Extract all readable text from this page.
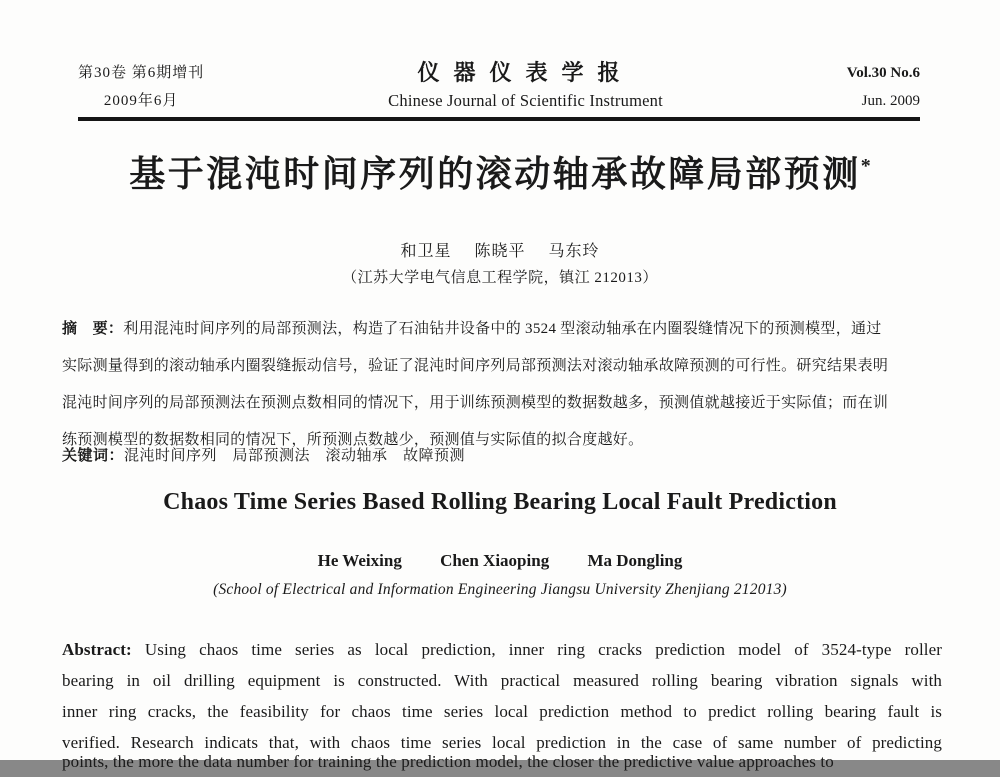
第30卷 第6期增刊
2009年6月
仪器仪表学报
Chinese Journal of Scientific Instrument
Vol.30 No.6
Jun. 2009
基于混沌时间序列的滚动轴承故障局部预测*
和卫星 陈晓平 马东玲
（江苏大学电气信息工程学院，镇江 212013）
摘　要：利用混沌时间序列的局部预测法，构造了石油钻井设备中的 3524 型滚动轴承在内圈裂缝情况下的预测模型，通过
实际测量得到的滚动轴承内圈裂缝振动信号，验证了混沌时间序列局部预测法对滚动轴承故障预测的可行性。研究结果表明
混沌时间序列的局部预测法在预测点数相同的情况下，用于训练预测模型的数据数越多，预测值就越接近于实际值；而在训
练预测模型的数据数相同的情况下，所预测点数越少，预测值与实际值的拟合度越好。
关键词：混沌时间序列　局部预测法　滚动轴承　故障预测
Chaos Time Series Based Rolling Bearing Local Fault Prediction
He Weixing Chen Xiaoping Ma Dongling
(School of Electrical and Information Engineering Jiangsu University Zhenjiang 212013)
Abstract: Using chaos time series as local prediction, inner ring cracks prediction model of 3524-type roller
bearing in oil drilling equipment is constructed. With practical measured rolling bearing vibration signals with
inner ring cracks, the feasibility for chaos time series local prediction method to predict rolling bearing fault is
verified. Research indicats that, with chaos time series local prediction in the case of same number of predicting
points, the more the data number for training the prediction model, the closer the predictive value approaches to
